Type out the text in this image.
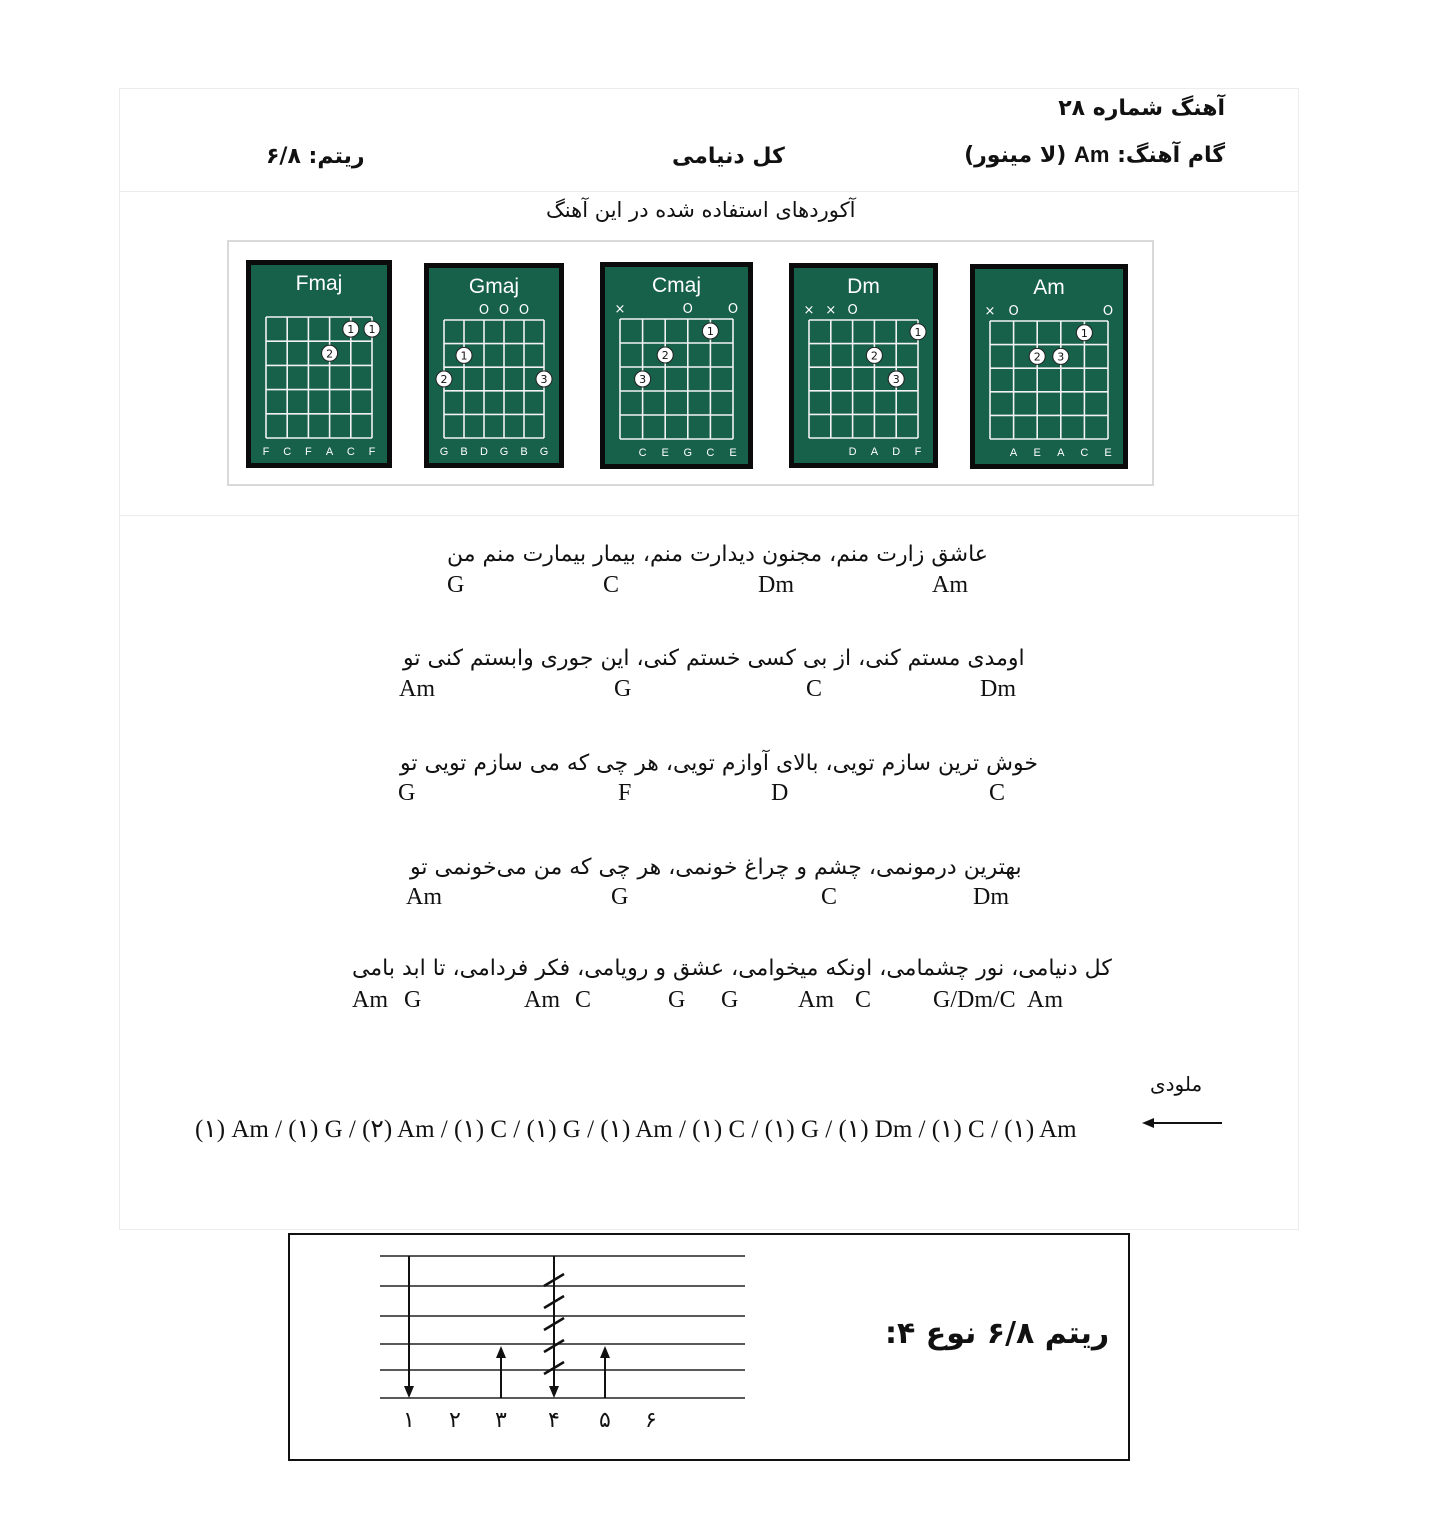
آهنگ شماره ۲۸
گام آهنگ: Am (لا مینور)
کل دنیامی
ریتم: ۶/۸
آکوردهای استفاده شده در این آهنگ
Fmaj
1
1
2
F C F A C F
Gmaj
O O O
1
2	3
G B D G B G
Cmaj
×	O	O
1
2
3
C E G C E
Dm
× × O
1
2
3
D A D F
Am
× O	O
1
2 3
A E A C E
عاشق زارت منم، مجنون دیدارت منم، بیمار بیمارت منم من
اومدی مستم کنی، از بی کسی خستم کنی، این جوری وابستم کنی تو
خوش ترین سازم تویی، بالای آوازم تویی، هر چی که می سازم تویی تو
بهترین درمونمی، چشم و چراغ خونمی، هر چی که من می‌خونمی تو
کل دنیامی، نور چشمامی، اونکه میخوامی، عشق و رویامی، فکر فردامی، تا ابد بامی
G	C	Dm	Am
Am	G	C	Dm
G	F	D	C
Am	G	C	Dm
Am G	Am C	G G Am C	G/Dm/C Am
ملودی
(۱) Am / (۱) G / (۲) Am / (۱) C / (۱) G / (۱) Am / (۱) C / (۱) G / (۱) Dm / (۱) C / (۱) Am
ریتم ۶/۸ نوع ۴:
۱ ۲ ۳ ۴ ۵ ۶
